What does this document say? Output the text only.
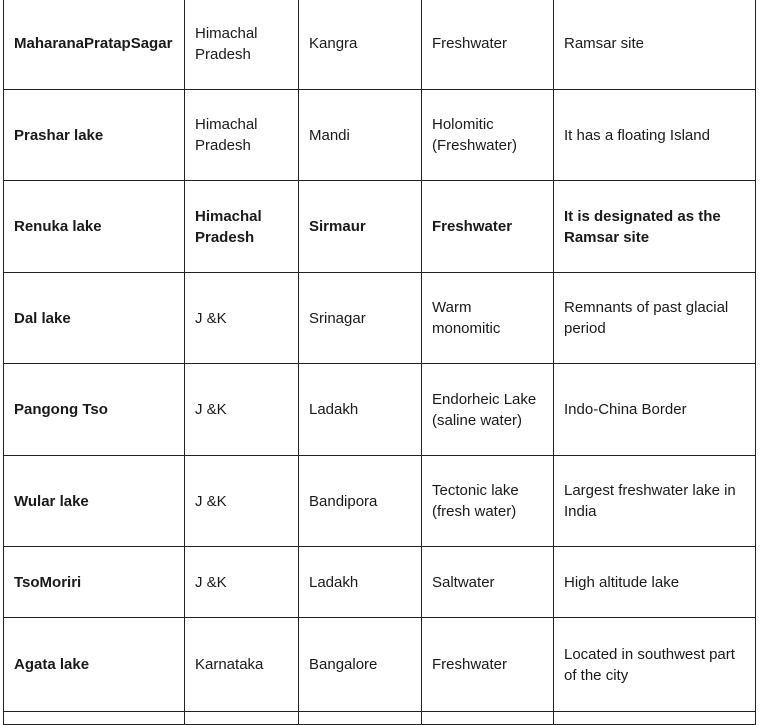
MaharanaPratapSagar	Himachal Pradesh	Kangra	Freshwater	Ramsar site
Prashar lake	Himachal Pradesh	Mandi	Holomitic (Freshwater)	It has a floating Island
Renuka lake	Himachal Pradesh	Sirmaur	Freshwater	It is designated as the Ramsar site
Dal lake	J &K	Srinagar	Warm monomitic	Remnants of past glacial period
Pangong Tso	J &K	Ladakh	Endorheic Lake (saline water)	Indo-China Border
Wular lake	J &K	Bandipora	Tectonic lake (fresh water)	Largest freshwater lake in India
TsoMoriri	J &K	Ladakh	Saltwater	High altitude lake
Agata lake	Karnataka	Bangalore	Freshwater	Located in southwest part of the city
